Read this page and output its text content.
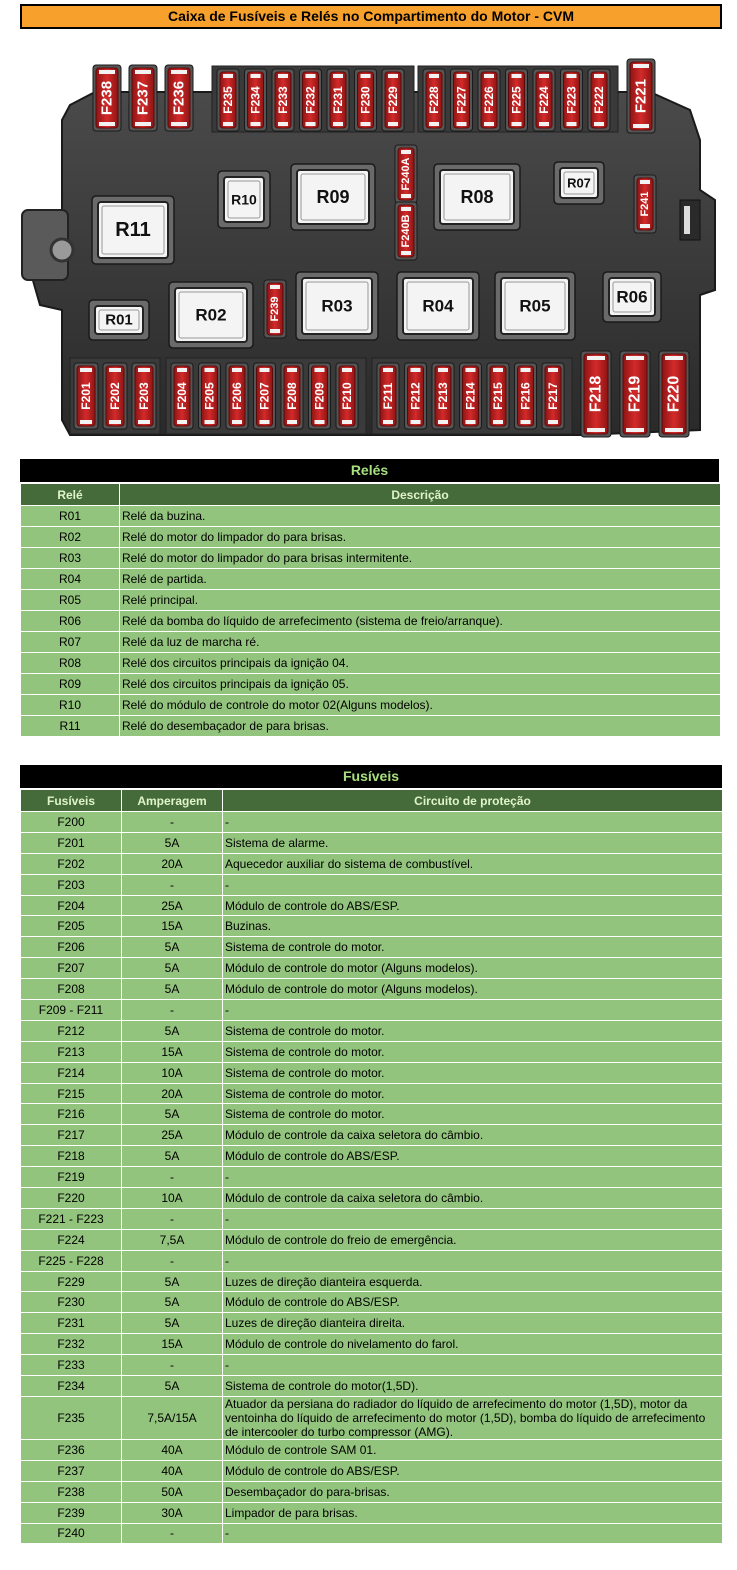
Caixa de Fusíveis e Relés no Compartimento do Motor - CVM
F238 F237 F236	F235 F234 F233 F232 F231 F230 F229 F228 F227 F226 F225 F224 F223 F222 F221
F240A
F240B
F241
F239
F201 F202 F203 F204 F205 F206 F207 F208 F209 F210 F211 F212 F213 F214 F215 F216 F217 F218 F219 F220
R11
R10	R09	R08
R07
R06
R05
R04
R03
R02
R01
Relés
Relé	Descrição
R01	Relé da buzina.
R02	Relé do motor do limpador do para brisas.
R03	Relé do motor do limpador do para brisas intermitente.
R04	Relé de partida.
R05	Relé principal.
R06	Relé da bomba do líquido de arrefecimento (sistema de freio/arranque).
R07	Relé da luz de marcha ré.
R08	Relé dos circuitos principais da ignição 04.
R09	Relé dos circuitos principais da ignição 05.
R10	Relé do módulo de controle do motor 02(Alguns modelos).
R11	Relé do desembaçador de para brisas.
Fusíveis
Fusíveis	Amperagem	Circuito de proteção
F200	-	-
F201	5A	Sistema de alarme.
F202	20A	Aquecedor auxiliar do sistema de combustível.
F203	-	-
F204	25A	Módulo de controle do ABS/ESP.
F205	15A	Buzinas.
F206	5A	Sistema de controle do motor.
F207	5A	Módulo de controle do motor (Alguns modelos).
F208	5A	Módulo de controle do motor (Alguns modelos).
F209 - F211	-	-
F212	5A	Sistema de controle do motor.
F213	15A	Sistema de controle do motor.
F214	10A	Sistema de controle do motor.
F215	20A	Sistema de controle do motor.
F216	5A	Sistema de controle do motor.
F217	25A	Módulo de controle da caixa seletora do câmbio.
F218	5A	Módulo de controle do ABS/ESP.
F219	-	-
F220	10A	Módulo de controle da caixa seletora do câmbio.
F221 - F223	-	-
F224	7,5A	Módulo de controle do freio de emergência.
F225 - F228	-	-
F229	5A	Luzes de direção dianteira esquerda.
F230	5A	Módulo de controle do ABS/ESP.
F231	5A	Luzes de direção dianteira direita.
F232	15A	Módulo de controle do nivelamento do farol.
F233	-	-
F234	5A	Sistema de controle do motor(1,5D).
F235	7,5A/15A	Atuador da persiana do radiador do líquido de arrefecimento do motor (1,5D), motor da ventoinha do líquido de arrefecimento do motor (1,5D), bomba do líquido de arrefecimento de intercooler do turbo compressor (AMG).
F236	40A	Módulo de controle SAM 01.
F237	40A	Módulo de controle do ABS/ESP.
F238	50A	Desembaçador do para-brisas.
F239	30A	Limpador de para brisas.
F240	-	-
